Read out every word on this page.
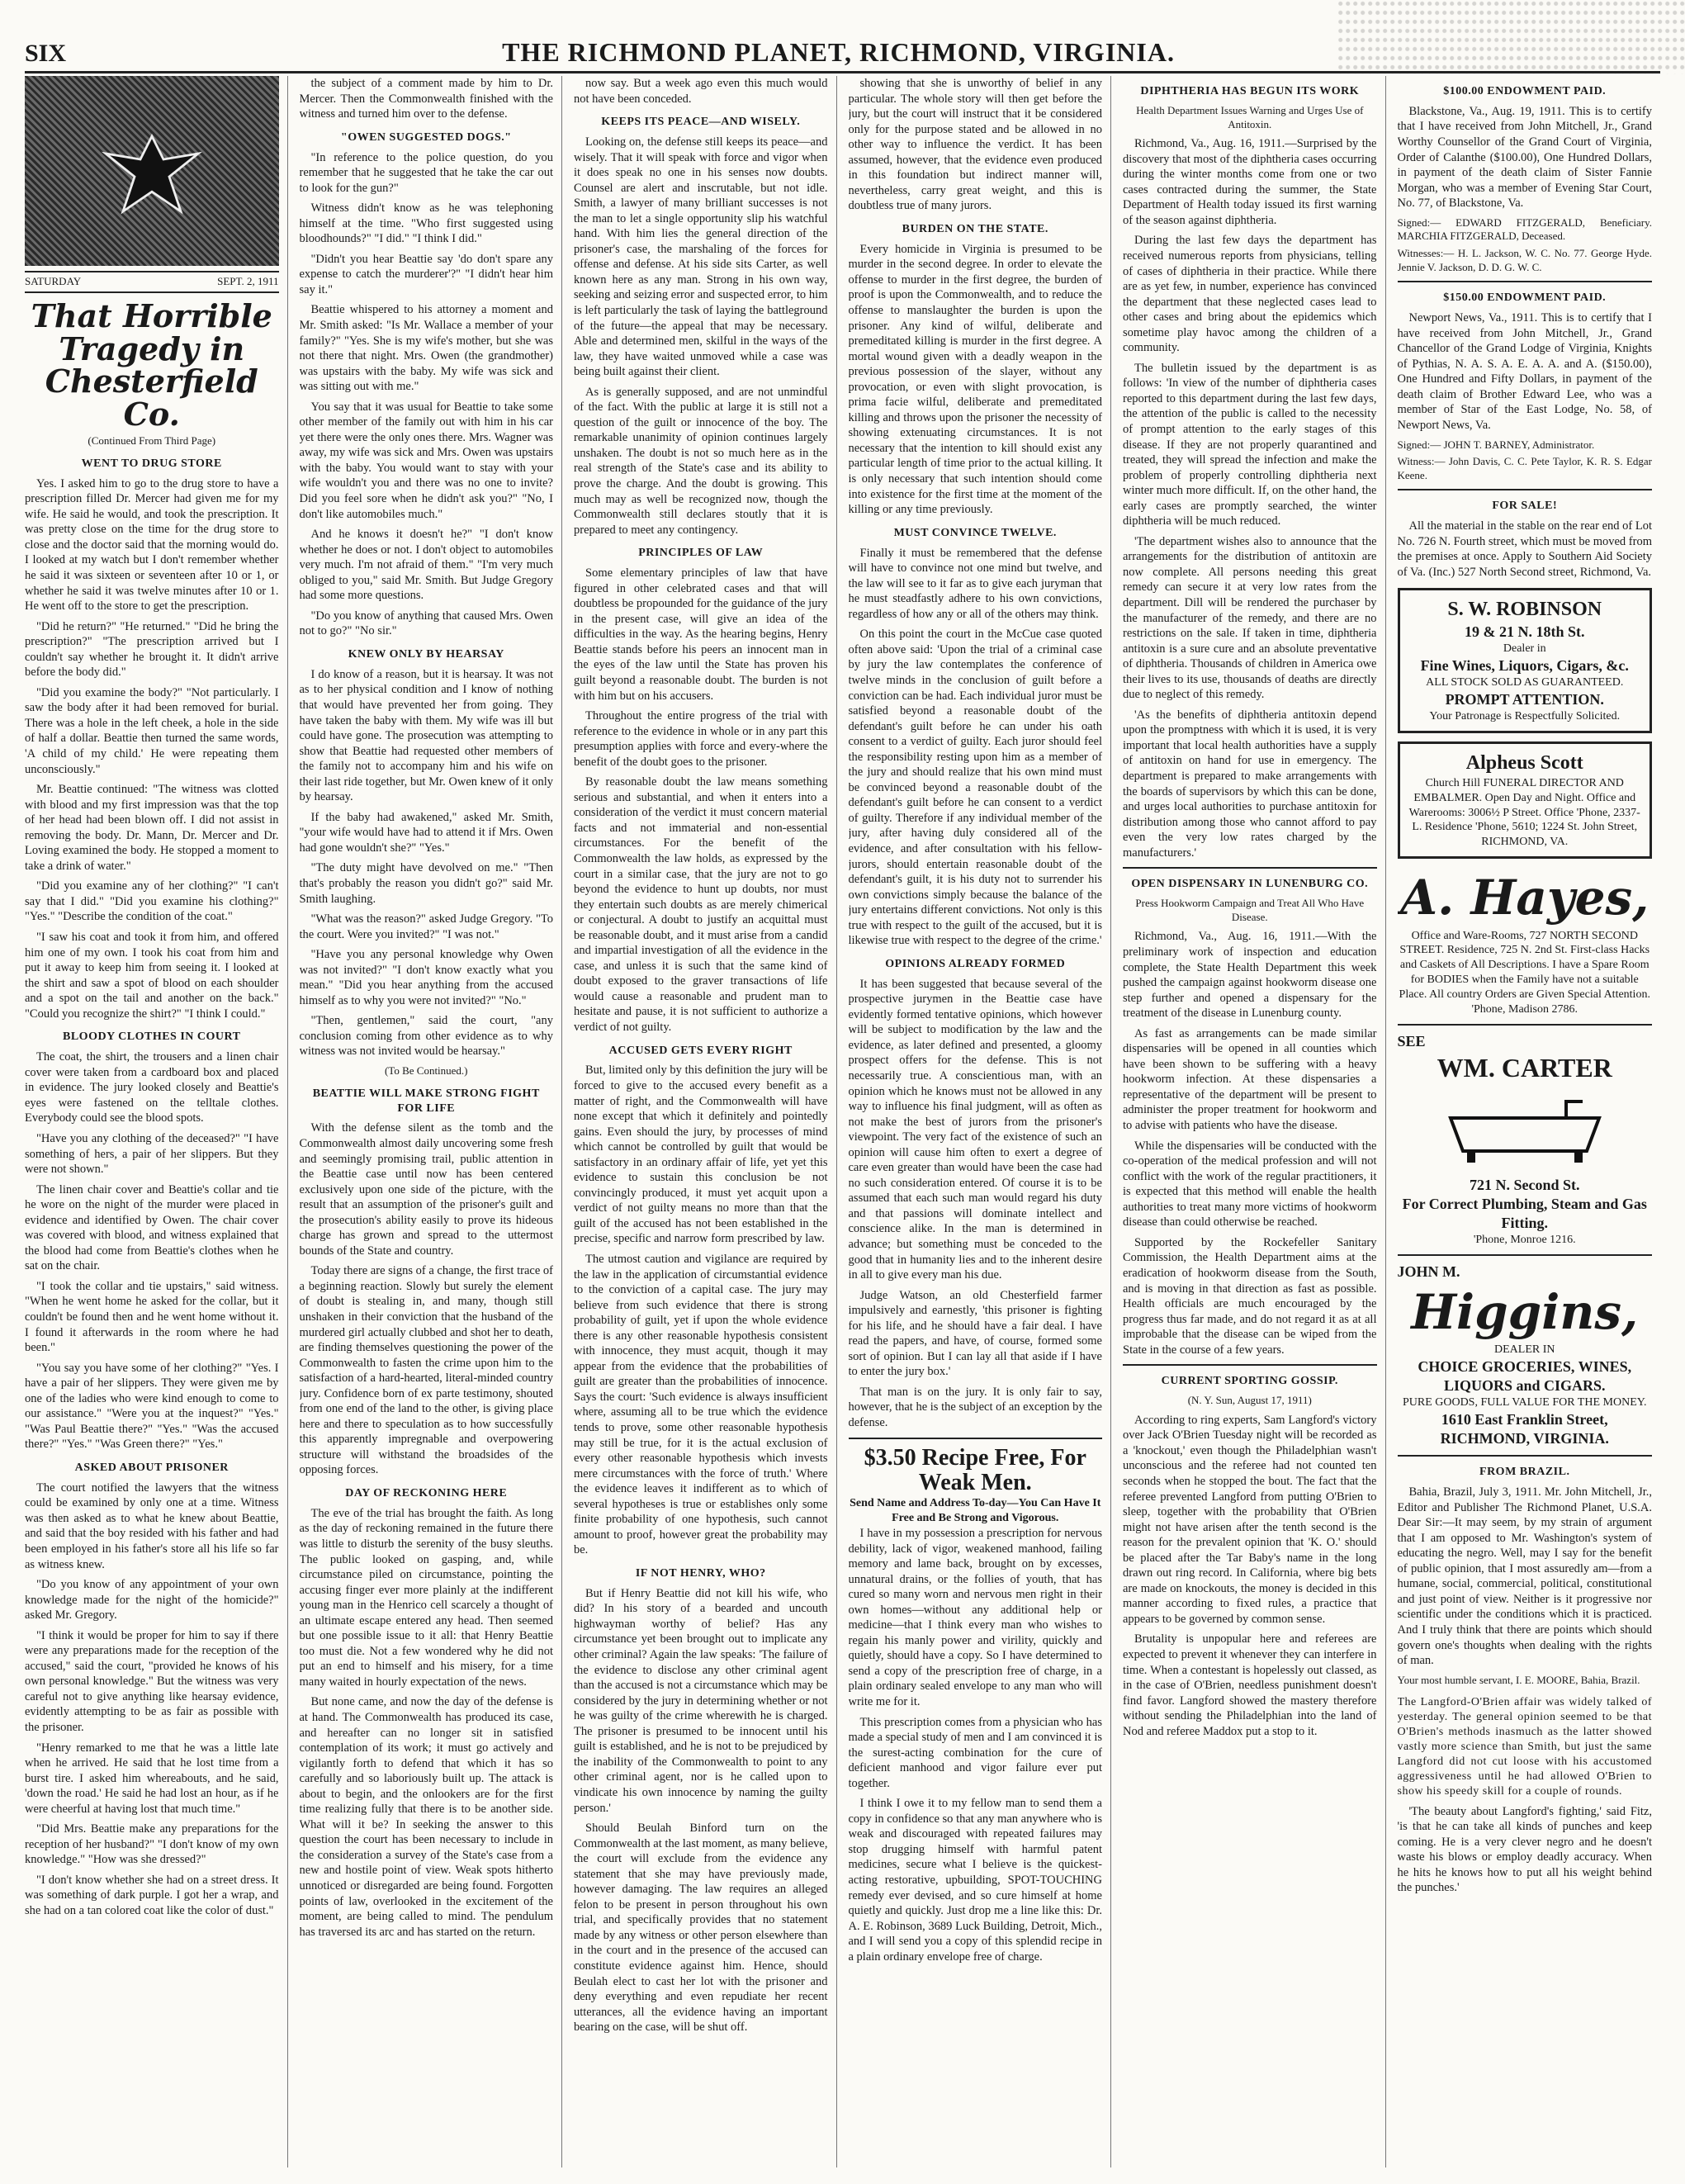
SIX	THE RICHMOND PLANET, RICHMOND, VIRGINIA.
SATURDAY	SEPT. 2, 1911
That Horrible Tragedy in Chesterfield Co.
(Continued From Third Page)
WENT TO DRUG STORE

Yes. I asked him to go to the drug store to have a prescription filled Dr. Mercer had given me for my wife. He said he would, and took the prescription. It was pretty close on the time for the drug store to close and the doctor said that the morning would do. I looked at my watch but I don't remember whether he said it was sixteen or seventeen after 10 or 1, or whether he said it was twelve minutes after 10 or 1. He went off to the store to get the prescription.

"Did he return?" "He returned." "Did he bring the prescription?" "The prescription arrived but I couldn't say whether he brought it. It didn't arrive before the body did."

"Did you examine the body?" "Not particularly. I saw the body after it had been removed for burial. There was a hole in the left cheek, a hole in the side of half a dollar. Beattie then turned the same words, 'A child of my child.' He were repeating them unconsciously."

Mr. Beattie continued: "The witness was clotted with blood and my first impression was that the top of her head had been blown off. I did not assist in removing the body. Dr. Mann, Dr. Mercer and Dr. Loving examined the body. He stopped a moment to take a drink of water."

"Did you examine any of her clothing?" "I can't say that I did." "Did you examine his clothing?" "Yes." "Describe the condition of the coat."

"I saw his coat and took it from him, and offered him one of my own. I took his coat from him and put it away to keep him from seeing it. I looked at the shirt and saw a spot of blood on each shoulder and a spot on the tail and another on the back." "Could you recognize the shirt?" "I think I could."

BLOODY CLOTHES IN COURT

The coat, the shirt, the trousers and a linen chair cover were taken from a cardboard box and placed in evidence. The jury looked closely and Beattie's eyes were fastened on the telltale clothes. Everybody could see the blood spots.

"Have you any clothing of the deceased?" "I have something of hers, a pair of her slippers. But they were not shown."

The linen chair cover and Beattie's collar and tie he wore on the night of the murder were placed in evidence and identified by Owen. The chair cover was covered with blood, and witness explained that the blood had come from Beattie's clothes when he sat on the chair.

"I took the collar and tie upstairs," said witness. "When he went home he asked for the collar, but it couldn't be found then and he went home without it. I found it afterwards in the room where he had been."

"You say you have some of her clothing?" "Yes. I have a pair of her slippers. They were given me by one of the ladies who were kind enough to come to our assistance." "Were you at the inquest?" "Yes." "Was Paul Beattie there?" "Yes." "Was the accused there?" "Yes." "Was Green there?" "Yes."

ASKED ABOUT PRISONER

The court notified the lawyers that the witness could be examined by only one at a time. Witness was then asked as to what he knew about Beattie, and said that the boy resided with his father and had been employed in his father's store all his life so far as witness knew.

"Do you know of any appointment of your own knowledge made for the night of the homicide?" asked Mr. Gregory.

"I think it would be proper for him to say if there were any preparations made for the reception of the accused," said the court, "provided he knows of his own personal knowledge." But the witness was very careful not to give anything like hearsay evidence, evidently attempting to be as fair as possible with the prisoner.

"Henry remarked to me that he was a little late when he arrived. He said that he lost time from a burst tire. I asked him whereabouts, and he said, 'down the road.' He said he had lost an hour, as if he were cheerful at having lost that much time."

"Did Mrs. Beattie make any preparations for the reception of her husband?" "I don't know of my own knowledge." "How was she dressed?"

"I don't know whether she had on a street dress. It was something of dark purple. I got her a wrap, and she had on a tan colored coat like the color of dust."

the subject of a comment made by him to Dr. Mercer. Then the Commonwealth finished with the witness and turned him over to the defense.

"OWEN SUGGESTED DOGS."

"In reference to the police question, do you remember that he suggested that he take the car out to look for the gun?"

Witness didn't know as he was telephoning himself at the time. "Who first suggested using bloodhounds?" "I did." "I think I did."

"Didn't you hear Beattie say 'do don't spare any expense to catch the murderer'?" "I didn't hear him say it."

Beattie whispered to his attorney a moment and Mr. Smith asked: "Is Mr. Wallace a member of your family?" "Yes. She is my wife's mother, but she was not there that night. Mrs. Owen (the grandmother) was upstairs with the baby. My wife was sick and was sitting out with me."

You say that it was usual for Beattie to take some other member of the family out with him in his car yet there were the only ones there. Mrs. Wagner was away, my wife was sick and Mrs. Owen was upstairs with the baby. You would want to stay with your wife wouldn't you and there was no one to invite? Did you feel sore when he didn't ask you?" "No, I don't like automobiles much."

And he knows it doesn't he?" "I don't know whether he does or not. I don't object to automobiles very much. I'm not afraid of them." "I'm very much obliged to you," said Mr. Smith. But Judge Gregory had some more questions.

"Do you know of anything that caused Mrs. Owen not to go?" "No sir."

KNEW ONLY BY HEARSAY

I do know of a reason, but it is hearsay. It was not as to her physical condition and I know of nothing that would have prevented her from going. They have taken the baby with them. My wife was ill but could have gone. The prosecution was attempting to show that Beattie had requested other members of the family not to accompany him and his wife on their last ride together, but Mr. Owen knew of it only by hearsay.

If the baby had awakened," asked Mr. Smith, "your wife would have had to attend it if Mrs. Owen had gone wouldn't she?" "Yes."

"The duty might have devolved on me." "Then that's probably the reason you didn't go?" said Mr. Smith laughing.

"What was the reason?" asked Judge Gregory. "To the court. Were you invited?" "I was not."

"Have you any personal knowledge why Owen was not invited?" "I don't know exactly what you mean." "Did you hear anything from the accused himself as to why you were not invited?" "No."

"Then, gentlemen," said the court, "any conclusion coming from other evidence as to why witness was not invited would be hearsay."

(To Be Continued.)
BEATTIE WILL MAKE STRONG FIGHT FOR LIFE

With the defense silent as the tomb and the Commonwealth almost daily uncovering some fresh and seemingly promising trail, public attention in the Beattie case until now has been centered exclusively upon one side of the picture, with the result that an assumption of the prisoner's guilt and the prosecution's ability easily to prove its hideous charge has grown and spread to the uttermost bounds of the State and country.

Today there are signs of a change, the first trace of a beginning reaction. Slowly but surely the element of doubt is stealing in, and many, though still unshaken in their conviction that the husband of the murdered girl actually clubbed and shot her to death, are finding themselves questioning the power of the Commonwealth to fasten the crime upon him to the satisfaction of a hard-hearted, literal-minded country jury. Confidence born of ex parte testimony, shouted from one end of the land to the other, is giving place here and there to speculation as to how successfully this apparently impregnable and overpowering structure will withstand the broadsides of the opposing forces.

DAY OF RECKONING HERE

The eve of the trial has brought the faith. As long as the day of reckoning remained in the future there was little to disturb the serenity of the busy sleuths. The public looked on gasping, and, while circumstance piled on circumstance, pointing the accusing finger ever more plainly at the indifferent young man in the Henrico cell scarcely a thought of an ultimate escape entered any head. Then seemed but one possible issue to it all: that Henry Beattie too must die. Not a few wondered why he did not put an end to himself and his misery, for a time many waited in hourly expectation of the news.

But none came, and now the day of the defense is at hand. The Commonwealth has produced its case, and hereafter can no longer sit in satisfied contemplation of its work; it must go actively and vigilantly forth to defend that which it has so carefully and so laboriously built up. The attack is about to begin, and the onlookers are for the first time realizing fully that there is to be another side. What will it be? In seeking the answer to this question the court has been necessary to include in the consideration a survey of the State's case from a new and hostile point of view. Weak spots hitherto unnoticed or disregarded are being found. Forgotten points of law, overlooked in the excitement of the moment, are being called to mind. The pendulum has traversed its arc and has started on the return.

now say. But a week ago even this much would not have been conceded.

KEEPS ITS PEACE—AND WISELY.

Looking on, the defense still keeps its peace—and wisely. That it will speak with force and vigor when it does speak no one in his senses now doubts. Counsel are alert and inscrutable, but not idle. Smith, a lawyer of many brilliant successes is not the man to let a single opportunity slip his watchful hand. With him lies the general direction of the prisoner's case, the marshaling of the forces for offense and defense. At his side sits Carter, as well known here as any man. Strong in his own way, seeking and seizing error and suspected error, to him is left particularly the task of laying the battleground of the future—the appeal that may be necessary. Able and determined men, skilful in the ways of the law, they have waited unmoved while a case was being built against their client.

As is generally supposed, and are not unmindful of the fact. With the public at large it is still not a question of the guilt or innocence of the boy. The remarkable unanimity of opinion continues largely unshaken. The doubt is not so much here as in the real strength of the State's case and its ability to prove the charge. And the doubt is growing. This much may as well be recognized now, though the Commonwealth still declares stoutly that it is prepared to meet any contingency.

PRINCIPLES OF LAW

Some elementary principles of law that have figured in other celebrated cases and that will doubtless be propounded for the guidance of the jury in the present case, will give an idea of the difficulties in the way. As the hearing begins, Henry Beattie stands before his peers an innocent man in the eyes of the law until the State has proven his guilt beyond a reasonable doubt. The burden is not with him but on his accusers.

Throughout the entire progress of the trial with reference to the evidence in whole or in any part this presumption applies with force and every-where the benefit of the doubt goes to the prisoner.

By reasonable doubt the law means something serious and substantial, and when it enters into a consideration of the verdict it must concern material facts and not immaterial and non-essential circumstances. For the benefit of the Commonwealth the law holds, as expressed by the court in a similar case, that the jury are not to go beyond the evidence to hunt up doubts, nor must they entertain such doubts as are merely chimerical or conjectural. A doubt to justify an acquittal must be reasonable doubt, and it must arise from a candid and impartial investigation of all the evidence in the case, and unless it is such that the same kind of doubt exposed to the graver transactions of life would cause a reasonable and prudent man to hesitate and pause, it is not sufficient to authorize a verdict of not guilty.

ACCUSED GETS EVERY RIGHT

But, limited only by this definition the jury will be forced to give to the accused every benefit as a matter of right, and the Commonwealth will have none except that which it definitely and pointedly gains. Even should the jury, by processes of mind which cannot be controlled by guilt that would be satisfactory in an ordinary affair of life, yet yet this evidence to sustain this conclusion be not convincingly produced, it must yet acquit upon a verdict of not guilty means no more than that the guilt of the accused has not been established in the precise, specific and narrow form prescribed by law.

The utmost caution and vigilance are required by the law in the application of circumstantial evidence to the conviction of a capital case. The jury may believe from such evidence that there is strong probability of guilt, yet if upon the whole evidence there is any other reasonable hypothesis consistent with innocence, they must acquit, though it may appear from the evidence that the probabilities of guilt are greater than the probabilities of innocence. Says the court: 'Such evidence is always insufficient where, assuming all to be true which the evidence tends to prove, some other reasonable hypothesis may still be true, for it is the actual exclusion of every other reasonable hypothesis which invests mere circumstances with the force of truth.' Where the evidence leaves it indifferent as to which of several hypotheses is true or establishes only some finite probability of one hypothesis, such cannot amount to proof, however great the probability may be.

IF NOT HENRY, WHO?

But if Henry Beattie did not kill his wife, who did? In his story of a bearded and uncouth highwayman worthy of belief? Has any circumstance yet been brought out to implicate any other criminal? Again the law speaks: 'The failure of the evidence to disclose any other criminal agent than the accused is not a circumstance which may be considered by the jury in determining whether or not he was guilty of the crime wherewith he is charged. The prisoner is presumed to be innocent until his guilt is established, and he is not to be prejudiced by the inability of the Commonwealth to point to any other criminal agent, nor is he called upon to vindicate his own innocence by naming the guilty person.'

Should Beulah Binford turn on the Commonwealth at the last moment, as many believe, the court will exclude from the evidence any statement that she may have previously made, however damaging. The law requires an alleged felon to be present in person throughout his own trial, and specifically provides that no statement made by any witness or other person elsewhere than in the court and in the presence of the accused can constitute evidence against him. Hence, should Beulah elect to cast her lot with the prisoner and deny everything and even repudiate her recent utterances, all the evidence having an important bearing on the case, will be shut off.

showing that she is unworthy of belief in any particular. The whole story will then get before the jury, but the court will instruct that it be considered only for the purpose stated and be allowed in no other way to influence the verdict. It has been assumed, however, that the evidence even produced in this foundation but indirect manner will, nevertheless, carry great weight, and this is doubtless true of many jurors.

BURDEN ON THE STATE.

Every homicide in Virginia is presumed to be murder in the second degree. In order to elevate the offense to murder in the first degree, the burden of proof is upon the Commonwealth, and to reduce the offense to manslaughter the burden is upon the prisoner. Any kind of wilful, deliberate and premeditated killing is murder in the first degree. A mortal wound given with a deadly weapon in the previous possession of the slayer, without any provocation, or even with slight provocation, is prima facie wilful, deliberate and premeditated killing and throws upon the prisoner the necessity of showing extenuating circumstances. It is not necessary that the intention to kill should exist any particular length of time prior to the actual killing. It is only necessary that such intention should come into existence for the first time at the moment of the killing or any time previously.

MUST CONVINCE TWELVE.

Finally it must be remembered that the defense will have to convince not one mind but twelve, and the law will see to it far as to give each juryman that he must steadfastly adhere to his own convictions, regardless of how any or all of the others may think.

On this point the court in the McCue case quoted often above said: 'Upon the trial of a criminal case by jury the law contemplates the conference of twelve minds in the conclusion of guilt before a conviction can be had. Each individual juror must be satisfied beyond a reasonable doubt of the defendant's guilt before he can under his oath consent to a verdict of guilty. Each juror should feel the responsibility resting upon him as a member of the jury and should realize that his own mind must be convinced beyond a reasonable doubt of the defendant's guilt before he can consent to a verdict of guilty. Therefore if any individual member of the jury, after having duly considered all of the evidence, and after consultation with his fellow-jurors, should entertain reasonable doubt of the defendant's guilt, it is his duty not to surrender his own convictions simply because the balance of the jury entertains different convictions. Not only is this true with respect to the guilt of the accused, but it is likewise true with respect to the degree of the crime.'

OPINIONS ALREADY FORMED

It has been suggested that because several of the prospective jurymen in the Beattie case have evidently formed tentative opinions, which however will be subject to modification by the law and the evidence, as later defined and presented, a gloomy prospect offers for the defense. This is not necessarily true. A conscientious man, with an opinion which he knows must not be allowed in any way to influence his final judgment, will as often as not make the best of jurors from the prisoner's viewpoint. The very fact of the existence of such an opinion will cause him often to exert a degree of care even greater than would have been the case had no such consideration entered. Of course it is to be assumed that each such man would regard his duty and that passions will dominate intellect and conscience alike. In the man is determined in advance; but something must be conceded to the good that in humanity lies and to the inherent desire in all to give every man his due.

Judge Watson, an old Chesterfield farmer impulsively and earnestly, 'this prisoner is fighting for his life, and he should have a fair deal. I have read the papers, and have, of course, formed some sort of opinion. But I can lay all that aside if I have to enter the jury box.'

That man is on the jury. It is only fair to say, however, that he is the subject of an exception by the defense.

$3.50 Recipe Free, For Weak Men.
Send Name and Address To-day—You Can Have It Free and Be Strong and Vigorous.

I have in my possession a prescription for nervous debility, lack of vigor, weakened manhood, failing memory and lame back, brought on by excesses, unnatural drains, or the follies of youth, that has cured so many worn and nervous men right in their own homes—without any additional help or medicine—that I think every man who wishes to regain his manly power and virility, quickly and quietly, should have a copy. So I have determined to send a copy of the prescription free of charge, in a plain ordinary sealed envelope to any man who will write me for it.

This prescription comes from a physician who has made a special study of men and I am convinced it is the surest-acting combination for the cure of deficient manhood and vigor failure ever put together.

I think I owe it to my fellow man to send them a copy in confidence so that any man anywhere who is weak and discouraged with repeated failures may stop drugging himself with harmful patent medicines, secure what I believe is the quickest-acting restorative, upbuilding, SPOT-TOUCHING remedy ever devised, and so cure himself at home quietly and quickly. Just drop me a line like this: Dr. A. E. Robinson, 3689 Luck Building, Detroit, Mich., and I will send you a copy of this splendid recipe in a plain ordinary envelope free of charge.

DIPHTHERIA HAS BEGUN ITS WORK
Health Department Issues Warning and Urges Use of Antitoxin.

Richmond, Va., Aug. 16, 1911.—Surprised by the discovery that most of the diphtheria cases occurring during the winter months come from one or two cases contracted during the summer, the State Department of Health today issued its first warning of the season against diphtheria.

During the last few days the department has received numerous reports from physicians, telling of cases of diphtheria in their practice. While there are as yet few, in number, experience has convinced the department that these neglected cases lead to other cases and bring about the epidemics which sometime play havoc among the children of a community.

The bulletin issued by the department is as follows: 'In view of the number of diphtheria cases reported to this department during the last few days, the attention of the public is called to the necessity of prompt attention to the early stages of this disease. If they are not properly quarantined and treated, they will spread the infection and make the problem of properly controlling diphtheria next winter much more difficult. If, on the other hand, the early cases are promptly searched, the winter diphtheria will be much reduced.

'The department wishes also to announce that the arrangements for the distribution of antitoxin are now complete. All persons needing this great remedy can secure it at very low rates from the department. Dill will be rendered the purchaser by the manufacturer of the remedy, and there are no restrictions on the sale. If taken in time, diphtheria antitoxin is a sure cure and an absolute preventative of diphtheria. Thousands of children in America owe their lives to its use, thousands of deaths are directly due to neglect of this remedy.

'As the benefits of diphtheria antitoxin depend upon the promptness with which it is used, it is very important that local health authorities have a supply of antitoxin on hand for use in emergency. The department is prepared to make arrangements with the boards of supervisors by which this can be done, and urges local authorities to purchase antitoxin for distribution among those who cannot afford to pay even the very low rates charged by the manufacturers.'

OPEN DISPENSARY IN LUNENBURG CO.
Press Hookworm Campaign and Treat All Who Have Disease.

Richmond, Va., Aug. 16, 1911.—With the preliminary work of inspection and education complete, the State Health Department this week pushed the campaign against hookworm disease one step further and opened a dispensary for the treatment of the disease in Lunenburg county.

As fast as arrangements can be made similar dispensaries will be opened in all counties which have been shown to be suffering with a heavy hookworm infection. At these dispensaries a representative of the department will be present to administer the proper treatment for hookworm and to advise with patients who have the disease.

While the dispensaries will be conducted with the co-operation of the medical profession and will not conflict with the work of the regular practitioners, it is expected that this method will enable the health authorities to treat many more victims of hookworm disease than could otherwise be reached.

Supported by the Rockefeller Sanitary Commission, the Health Department aims at the eradication of hookworm disease from the South, and is moving in that direction as fast as possible. Health officials are much encouraged by the progress thus far made, and do not regard it as at all improbable that the disease can be wiped from the State in the course of a few years.

CURRENT SPORTING GOSSIP.
(N. Y. Sun, August 17, 1911)

According to ring experts, Sam Langford's victory over Jack O'Brien Tuesday night will be recorded as a 'knockout,' even though the Philadelphian wasn't unconscious and the referee had not counted ten seconds when he stopped the bout. The fact that the referee prevented Langford from putting O'Brien to sleep, together with the probability that O'Brien might not have arisen after the tenth second is the reason for the prevalent opinion that 'K. O.' should be placed after the Tar Baby's name in the long drawn out ring record. In California, where big bets are made on knockouts, the money is decided in this manner according to fixed rules, a practice that appears to be governed by common sense.

Brutality is unpopular here and referees are expected to prevent it whenever they can interfere in time. When a contestant is hopelessly out classed, as in the case of O'Brien, needless punishment doesn't find favor. Langford showed the mastery therefore without sending the Philadelphian into the land of Nod and referee Maddox put a stop to it.

$100.00 ENDOWMENT PAID.

Blackstone, Va., Aug. 19, 1911. This is to certify that I have received from John Mitchell, Jr., Grand Worthy Counsellor of the Grand Court of Virginia, Order of Calanthe ($100.00), One Hundred Dollars, in payment of the death claim of Sister Fannie Morgan, who was a member of Evening Star Court, No. 77, of Blackstone, Va.

Signed:— EDWARD FITZGERALD, Beneficiary. MARCHIA FITZGERALD, Deceased.

Witnesses:— H. L. Jackson, W. C. No. 77. George Hyde. Jennie V. Jackson, D. D. G. W. C.

$150.00 ENDOWMENT PAID.

Newport News, Va., 1911. This is to certify that I have received from John Mitchell, Jr., Grand Chancellor of the Grand Lodge of Virginia, Knights of Pythias, N. A. S. A. E. A. A. and A. ($150.00), One Hundred and Fifty Dollars, in payment of the death claim of Brother Edward Lee, who was a member of Star of the East Lodge, No. 58, of Newport News, Va.

Signed:— JOHN T. BARNEY, Administrator.

Witness:— John Davis, C. C. Pete Taylor, K. R. S. Edgar Keene.

FOR SALE!

All the material in the stable on the rear end of Lot No. 726 N. Fourth street, which must be moved from the premises at once. Apply to Southern Aid Society of Va. (Inc.) 527 North Second street, Richmond, Va.

S. W. ROBINSON
19 & 21 N. 18th St.
Dealer in
Fine Wines, Liquors, Cigars, &c.
ALL STOCK SOLD AS GUARANTEED.
PROMPT ATTENTION.
Your Patronage is Respectfully Solicited.
Alpheus Scott
Church Hill FUNERAL DIRECTOR AND EMBALMER. Open Day and Night. Office and Warerooms: 3006½ P Street. Office 'Phone, 2337-L. Residence 'Phone, 5610; 1224 St. John Street, RICHMOND, VA.
A. Hayes,
Office and Ware-Rooms, 727 NORTH SECOND STREET. Residence, 725 N. 2nd St. First-class Hacks and Caskets of All Descriptions. I have a Spare Room for BODIES when the Family have not a suitable Place. All country Orders are Given Special Attention. 'Phone, Madison 2786.
SEE
WM. CARTER
721 N. Second St.
For Correct Plumbing, Steam and Gas Fitting.
'Phone, Monroe 1216.
JOHN M.
Higgins,
DEALER IN
CHOICE GROCERIES, WINES, LIQUORS and CIGARS.
PURE GOODS, FULL VALUE FOR THE MONEY.
1610 East Franklin Street, RICHMOND, VIRGINIA.
FROM BRAZIL.

Bahia, Brazil, July 3, 1911. Mr. John Mitchell, Jr., Editor and Publisher The Richmond Planet, U.S.A. Dear Sir:—It may seem, by my strain of argument that I am opposed to Mr. Washington's system of educating the negro. Well, may I say for the benefit of public opinion, that I most assuredly am—from a humane, social, commercial, political, constitutional and just point of view. Neither is it progressive nor scientific under the conditions which it is practiced. And I truly think that there are points which should govern one's thoughts when dealing with the rights of man.

Your most humble servant, I. E. MOORE, Bahia, Brazil.

The Langford-O'Brien affair was widely talked of yesterday. The general opinion seemed to be that O'Brien's methods inasmuch as the latter showed vastly more science than Smith, but just the same Langford did not cut loose with his accustomed aggressiveness until he had allowed O'Brien to show his speedy skill for a couple of rounds.

'The beauty about Langford's fighting,' said Fitz, 'is that he can take all kinds of punches and keep coming. He is a very clever negro and he doesn't waste his blows or employ deadly accuracy. When he hits he knows how to put all his weight behind the punches.'
